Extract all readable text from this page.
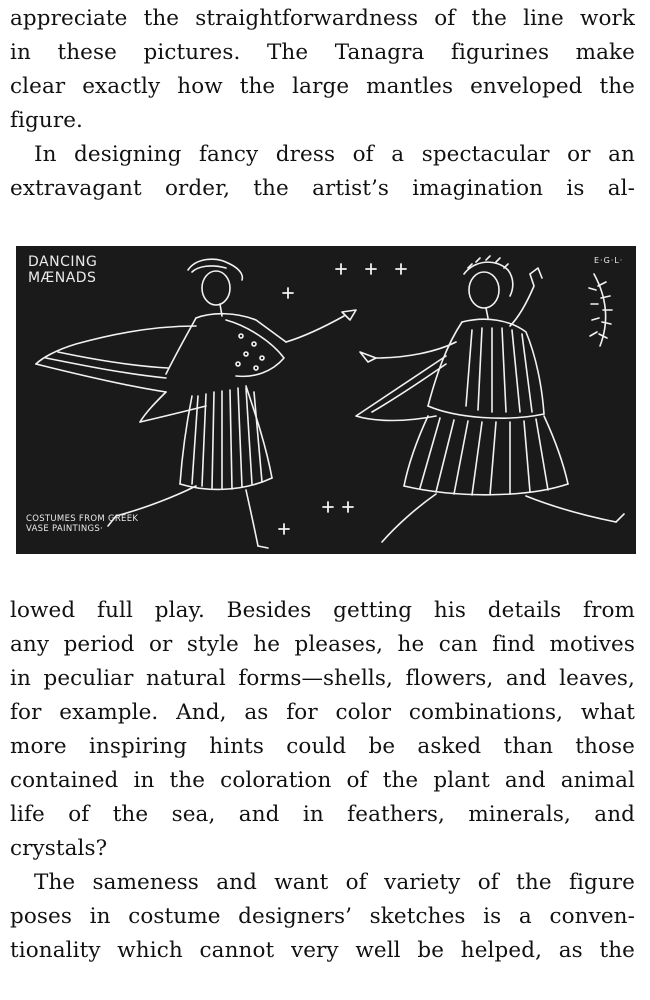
appreciate the straightforwardness of the line work
in these pictures. The Tanagra figurines make
clear exactly how the large mantles enveloped the
figure.
In designing fancy dress of a spectacular or an
extravagant order, the artist’s imagination is al-
DANCING
MÆNADS
E·G·L·
COSTUMES FROM GREEK
VASE PAINTINGS·
lowed full play. Besides getting his details from
any period or style he pleases, he can find motives
in peculiar natural forms—shells, flowers, and leaves,
for example. And, as for color combinations, what
more inspiring hints could be asked than those
contained in the coloration of the plant and animal
life of the sea, and in feathers, minerals, and
crystals?
The sameness and want of variety of the figure
poses in costume designers’ sketches is a conven-
tionality which cannot very well be helped, as the
